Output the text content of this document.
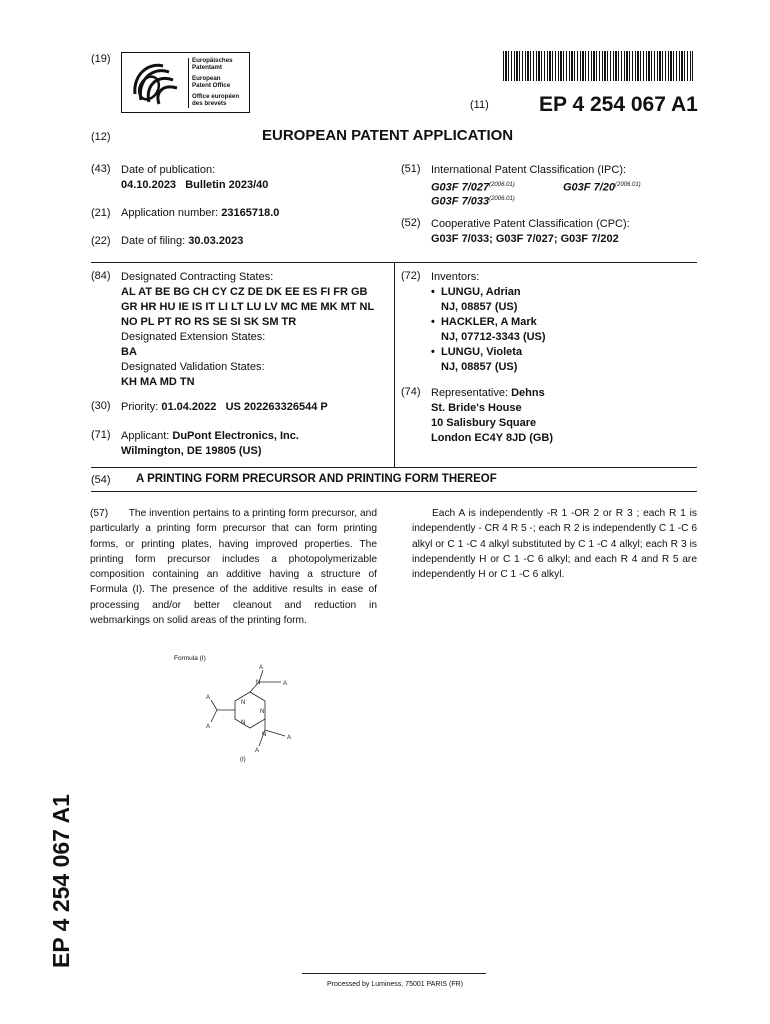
(19)	Europäisches
Patentamt
European
Patent Office
Office européen
des brevets	(11) EP 4 254 067 A1
(12)	EUROPEAN PATENT APPLICATION
(43) Date of publication:
04.10.2023   Bulletin 2023/40
(21) Application number: 23165718.0
(22) Date of filing: 30.03.2023
(51) International Patent Classification (IPC):
G03F $7/027^{(2006.01)}$	G03F $7/20^{(2006.01)}$
G03F $7/033^{(2006.01)}$
(52) Cooperative Patent Classification (CPC):
G03F 7/033; G03F 7/027; G03F 7/202
(84) Designated Contracting States:
AL AT BE BG CH CY CZ DE DK EE ES FI FR GB
GR HR HU IE IS IT LI LT LU LV MC ME MK MT NL
NO PL PT RO RS SE SI SK SM TR
Designated Extension States:
BA
Designated Validation States:
KH MA MD TN
(30) Priority: 01.04.2022   US 202263326544 P
(71) Applicant: DuPont Electronics, Inc.
Wilmington, DE 19805 (US)
(72) Inventors:
•  LUNGU, Adrian
NJ, 08857 (US)
•  HACKLER, A Mark
NJ, 07712-3343 (US)
•  LUNGU, Violeta
NJ, 08857 (US)
(74) Representative: Dehns
St. Bride's House
10 Salisbury Square
London EC4Y 8JD (GB)
(54) A PRINTING FORM PRECURSOR AND PRINTING FORM THEREOF
(57) The invention pertains to a printing form precursor, and particularly a printing form precursor that can form printing forms, or printing plates, having improved properties. The printing form precursor includes a photopolymerizable composition containing an additive having a structure of Formula (I). The presence of the additive results in ease of processing and/or better cleanout and reduction in webmarkings on solid areas of the printing form.
Each A is independently -R 1 -OR 2 or R 3 ; each R 1 is independently - CR 4 R 5 -; each R 2 is independently C 1 -C 6 alkyl or C 1 -C 4 alkyl substituted by C 1 -C 4 alkyl; each R 3 is independently H or C 1 -C 6 alkyl; and each R 4 and R 5 are independently H or C 1 -C 6 alkyl.
Formula (I)
A
N	A
N
N
N
N	A
A
A
A
(I)
EP 4 254 067 A1
Processed by Luminess, 75001 PARIS (FR)
